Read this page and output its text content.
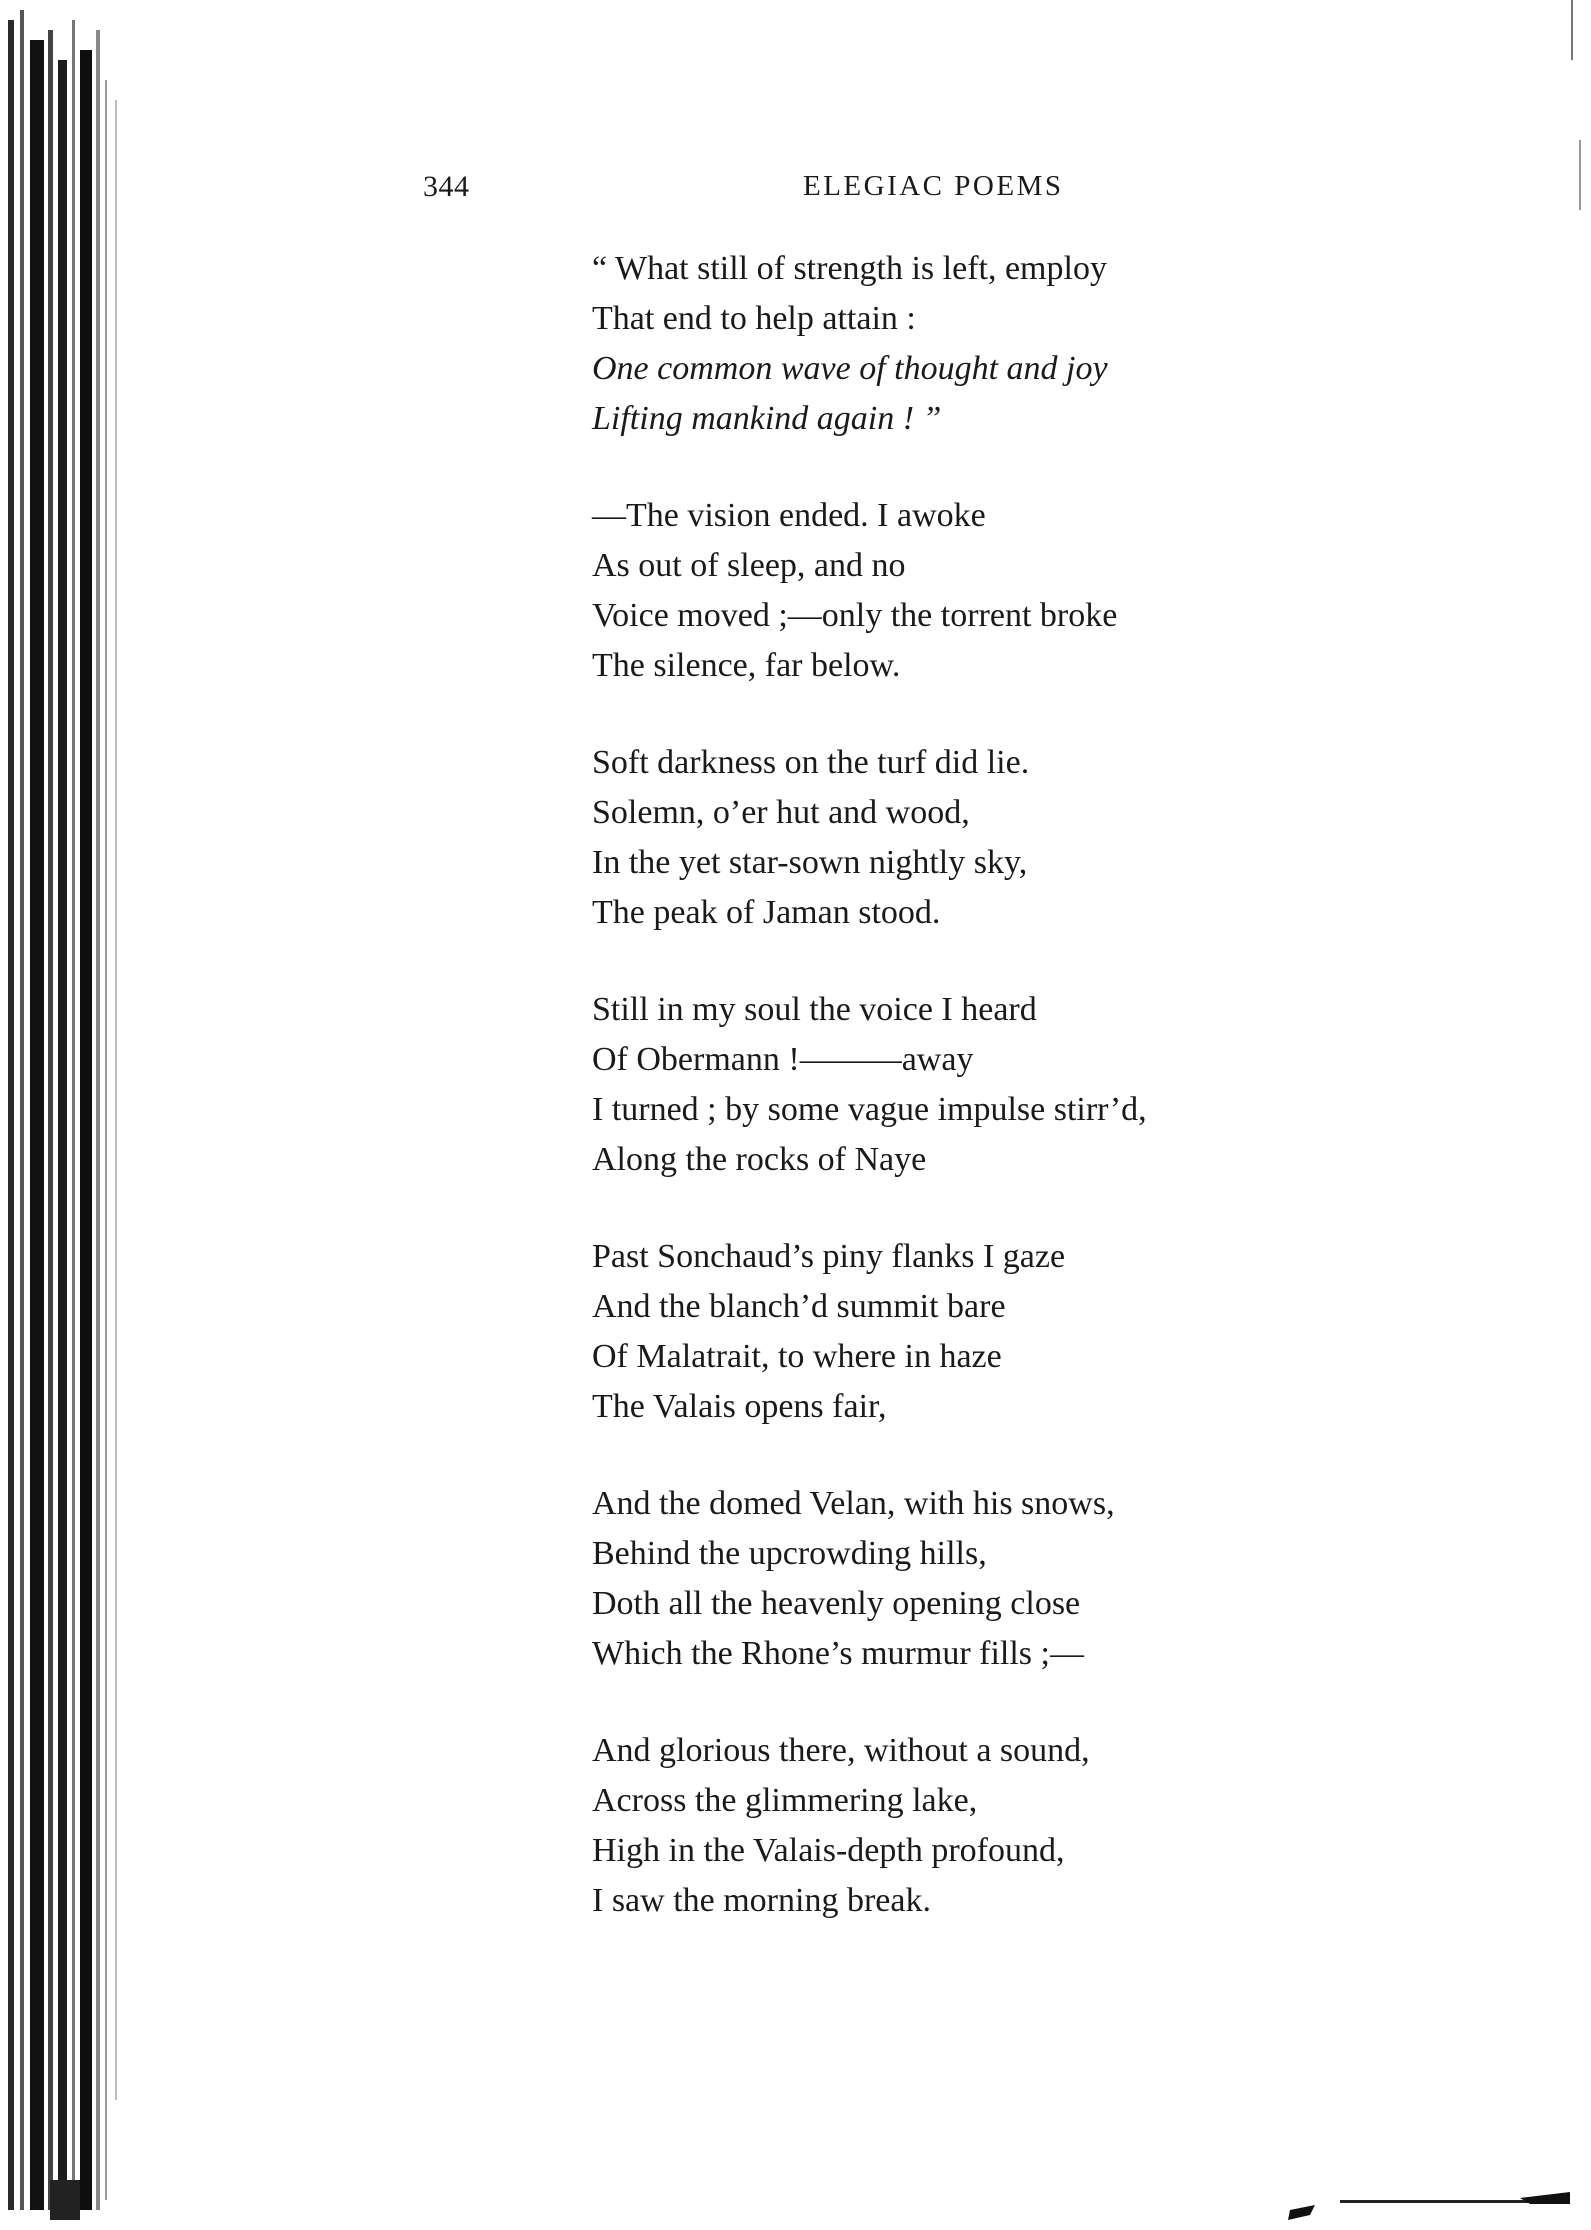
344	ELEGIAC POEMS
“ What still of strength is left, employ
That end to help attain :
One common wave of thought and joy
Lifting mankind again ! ”
—The vision ended. I awoke
As out of sleep, and no
Voice moved ;—only the torrent broke
The silence, far below.
Soft darkness on the turf did lie.
Solemn, o’er hut and wood,
In the yet star-sown nightly sky,
The peak of Jaman stood.
Still in my soul the voice I heard
Of Obermann !———away
I turned ; by some vague impulse stirr’d,
Along the rocks of Naye
Past Sonchaud’s piny flanks I gaze
And the blanch’d summit bare
Of Malatrait, to where in haze
The Valais opens fair,
And the domed Velan, with his snows,
Behind the upcrowding hills,
Doth all the heavenly opening close
Which the Rhone’s murmur fills ;—
And glorious there, without a sound,
Across the glimmering lake,
High in the Valais-depth profound,
I saw the morning break.
